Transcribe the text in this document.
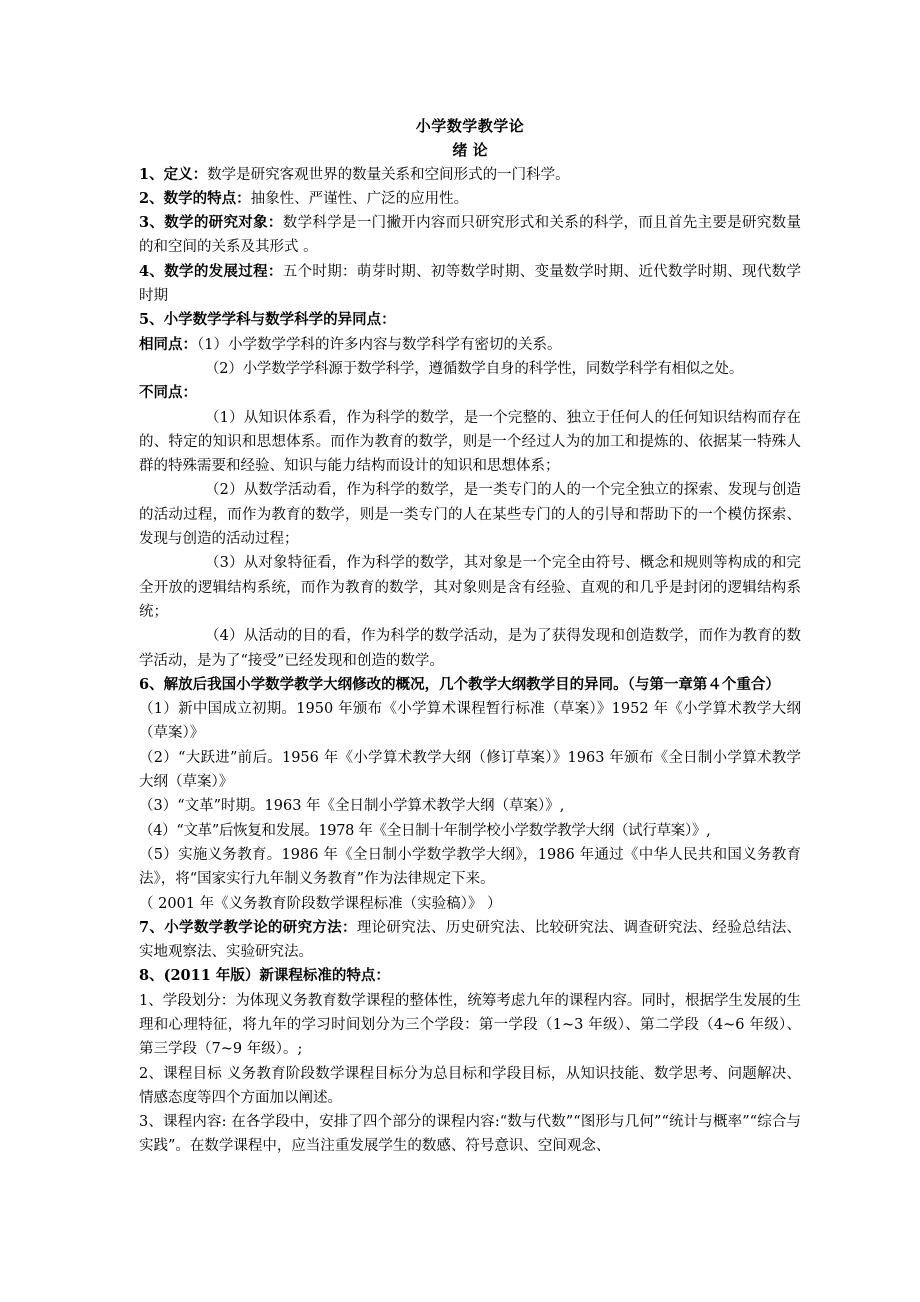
小学数学教学论
绪 论

1、定义：数学是研究客观世界的数量关系和空间形式的一门科学。

2、数学的特点：抽象性、严谨性、广泛的应用性。

3、数学的研究对象：数学科学是一门撇开内容而只研究形式和关系的科学，而且首先主要是研究数量的和空间的关系及其形式 。

4、数学的发展过程：五个时期：萌芽时期、初等数学时期、变量数学时期、近代数学时期、现代数学时期

5、小学数学学科与数学科学的异同点：

相同点：（1）小学数学学科的许多内容与数学科学有密切的关系。

（2）小学数学学科源于数学科学，遵循数学自身的科学性，同数学科学有相似之处。

不同点：

（1）从知识体系看，作为科学的数学，是一个完整的、独立于任何人的任何知识结构而存在的、特定的知识和思想体系。而作为教育的数学，则是一个经过人为的加工和提炼的、依据某一特殊人群的特殊需要和经验、知识与能力结构而设计的知识和思想体系；

（2）从数学活动看，作为科学的数学，是一类专门的人的一个完全独立的探索、发现与创造的活动过程，而作为教育的数学，则是一类专门的人在某些专门的人的引导和帮助下的一个模仿探索、发现与创造的活动过程；

（3）从对象特征看，作为科学的数学，其对象是一个完全由符号、概念和规则等构成的和完全开放的逻辑结构系统，而作为教育的数学，其对象则是含有经验、直观的和几乎是封闭的逻辑结构系统；

（4）从活动的目的看，作为科学的数学活动，是为了获得发现和创造数学，而作为教育的数学活动，是为了“接受”已经发现和创造的数学。

6、解放后我国小学数学教学大纲修改的概况，几个教学大纲教学目的异同。（与第一章第４个重合）

（1）新中国成立初期。1950 年颁布《小学算术课程暂行标准（草案）》1952 年《小学算术教学大纲（草案）》

（2）“大跃进”前后。1956 年《小学算术教学大纲（修订草案）》1963 年颁布《全日制小学算术教学大纲（草案）》

（3）“文革”时期。1963 年《全日制小学算术教学大纲（草案）》,

（4）“文革”后恢复和发展。1978 年《全日制十年制学校小学数学教学大纲（试行草案）》,

（5）实施义务教育。1986 年《全日制小学数学教学大纲》，1986 年通过《中华人民共和国义务教育法》，将“国家实行九年制义务教育”作为法律规定下来。

（ 2001 年《义务教育阶段数学课程标准（实验稿）》 ）

7、小学数学教学论的研究方法：理论研究法、历史研究法、比较研究法、调查研究法、经验总结法、实地观察法、实验研究法。

8、(2011 年版）新课程标准的特点：

1、学段划分：为体现义务教育数学课程的整体性，统筹考虑九年的课程内容。同时，根据学生发展的生理和心理特征，将九年的学习时间划分为三个学段：第一学段（1~3 年级）、第二学段（4~6 年级）、第三学段（7~9 年级）。;

2、课程目标 义务教育阶段数学课程目标分为总目标和学段目标，从知识技能、数学思考、问题解决、情感态度等四个方面加以阐述。

3、课程内容: 在各学段中，安排了四个部分的课程内容:“数与代数”“图形与几何”“统计与概率”“综合与实践”。在数学课程中，应当注重发展学生的数感、符号意识、空间观念、
